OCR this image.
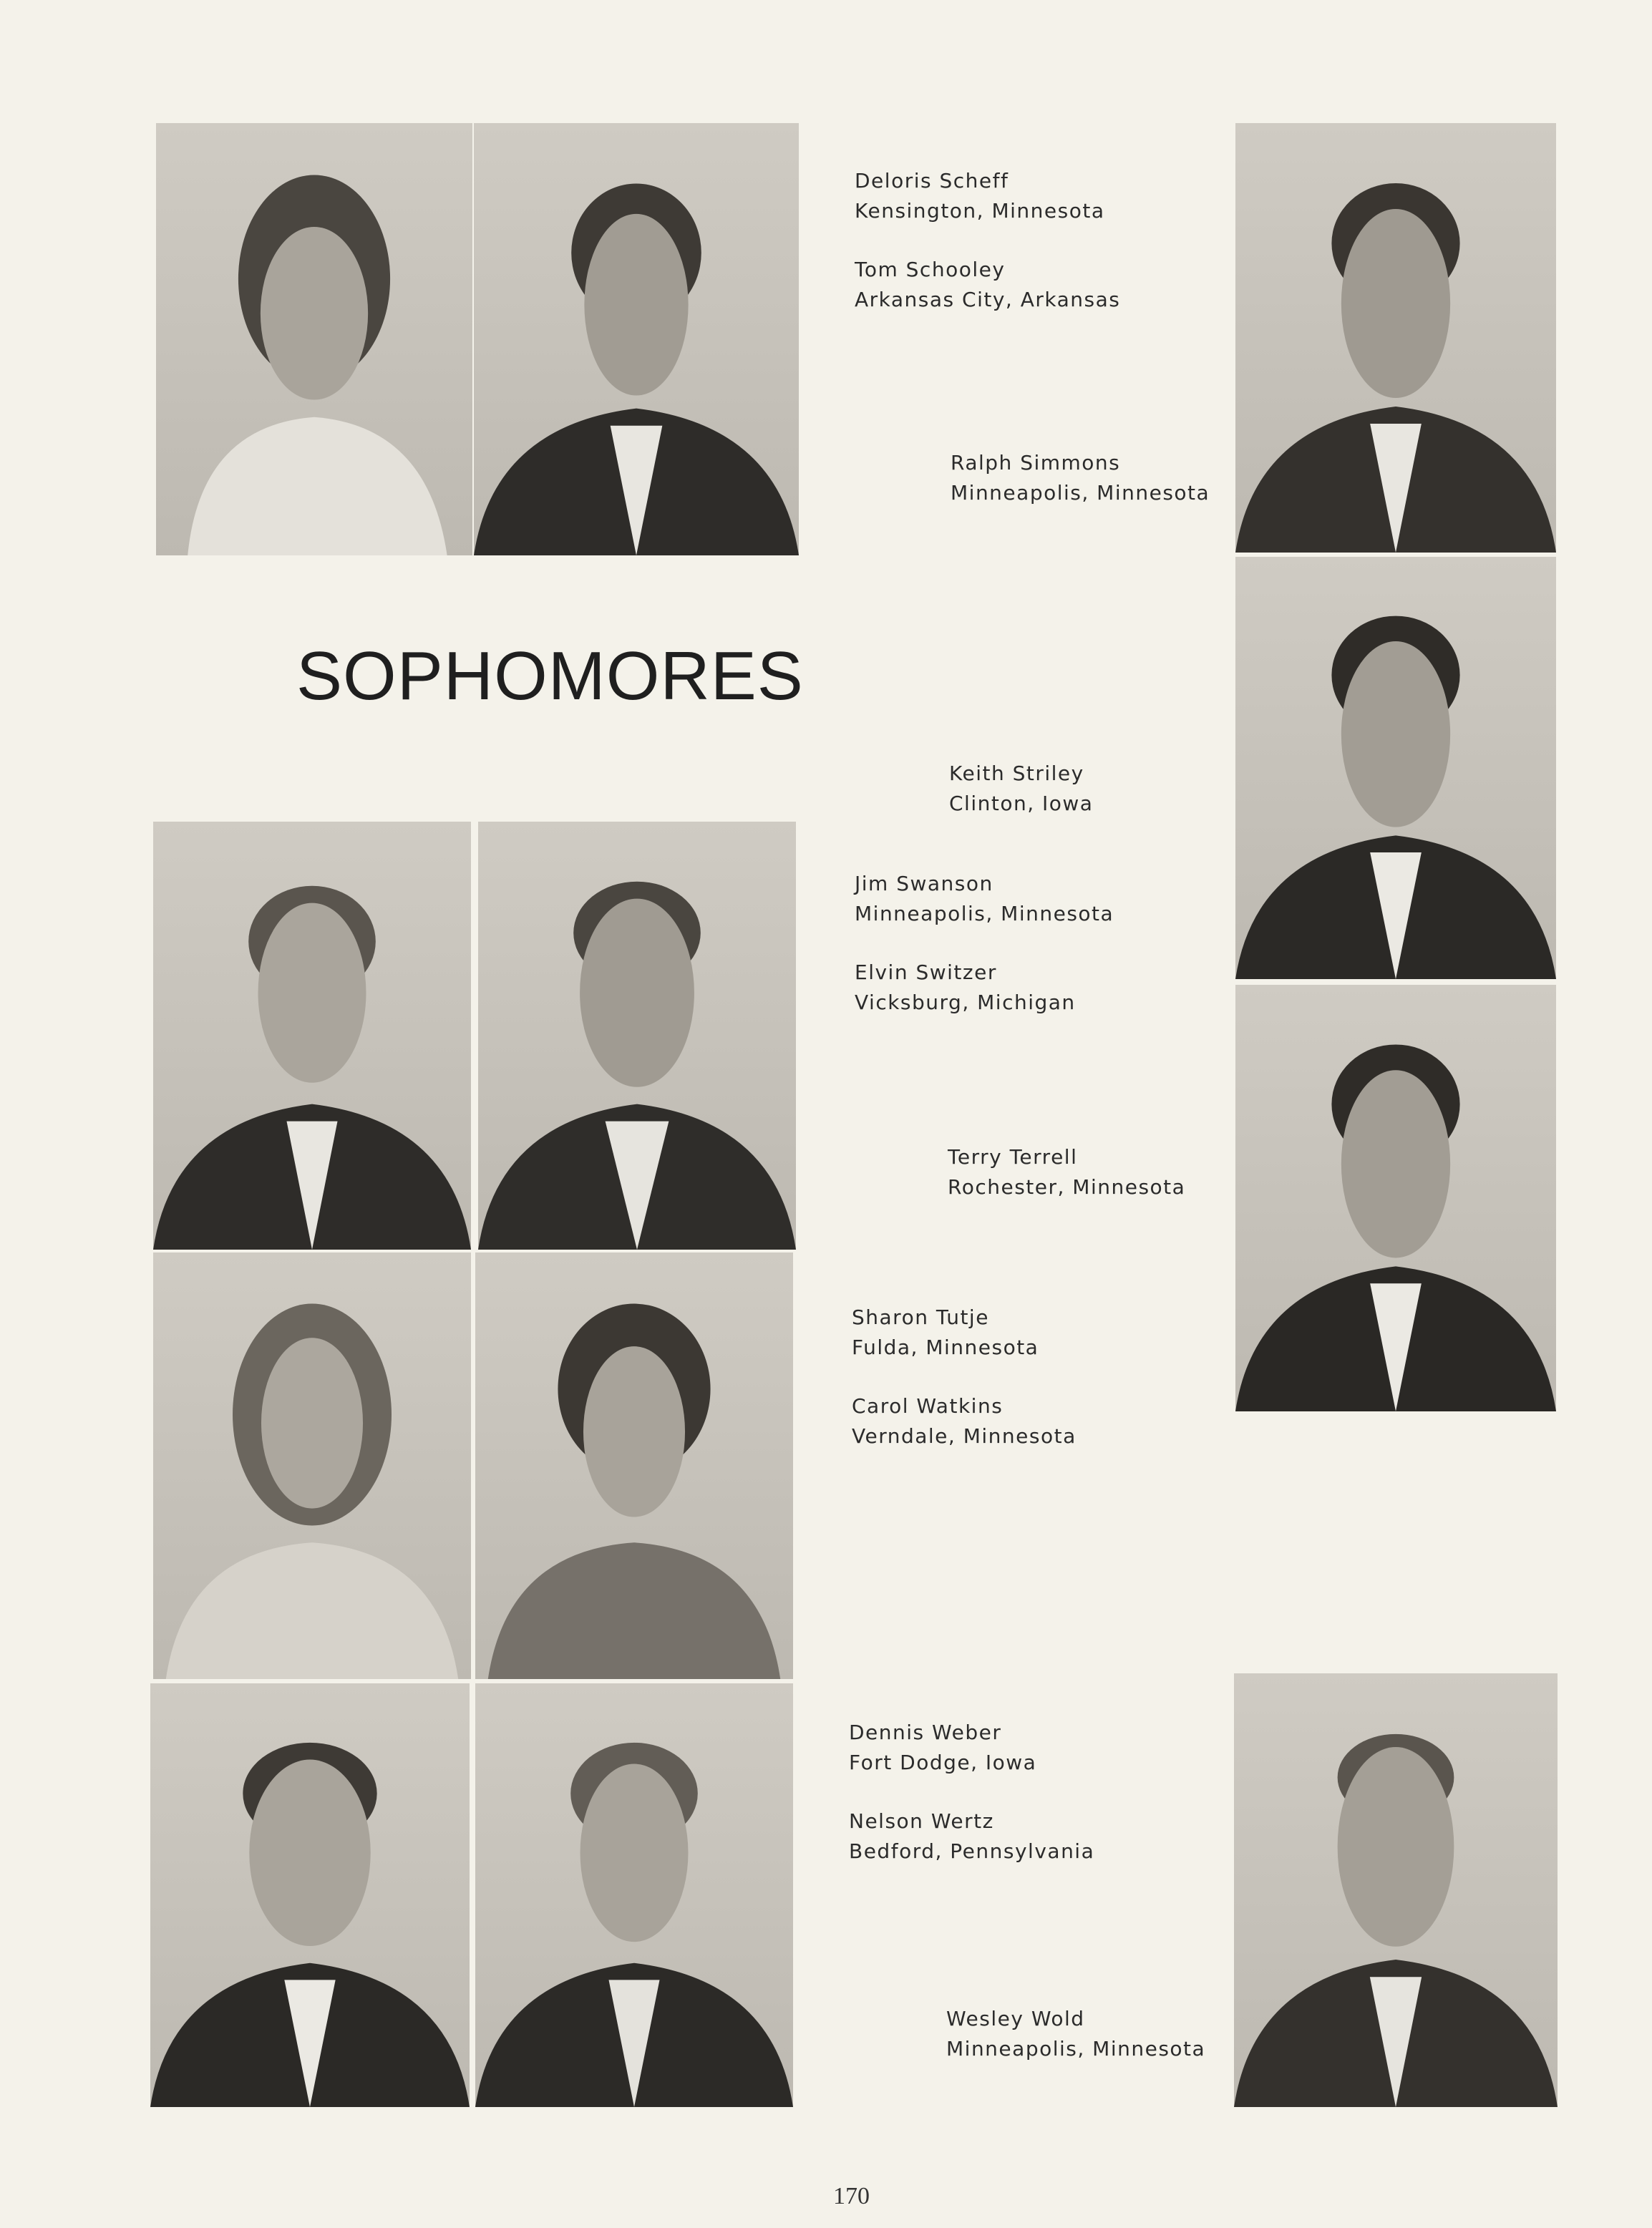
SOPHOMORES
Deloris Scheff
Kensington, Minnesota
Tom Schooley
Arkansas City, Arkansas
Ralph Simmons
Minneapolis, Minnesota
Keith Striley
Clinton, Iowa
Jim Swanson
Minneapolis, Minnesota
Elvin Switzer
Vicksburg, Michigan
Terry Terrell
Rochester, Minnesota
Sharon Tutje
Fulda, Minnesota
Carol Watkins
Verndale, Minnesota
Dennis Weber
Fort Dodge, Iowa
Nelson Wertz
Bedford, Pennsylvania
Wesley Wold
Minneapolis, Minnesota
170
